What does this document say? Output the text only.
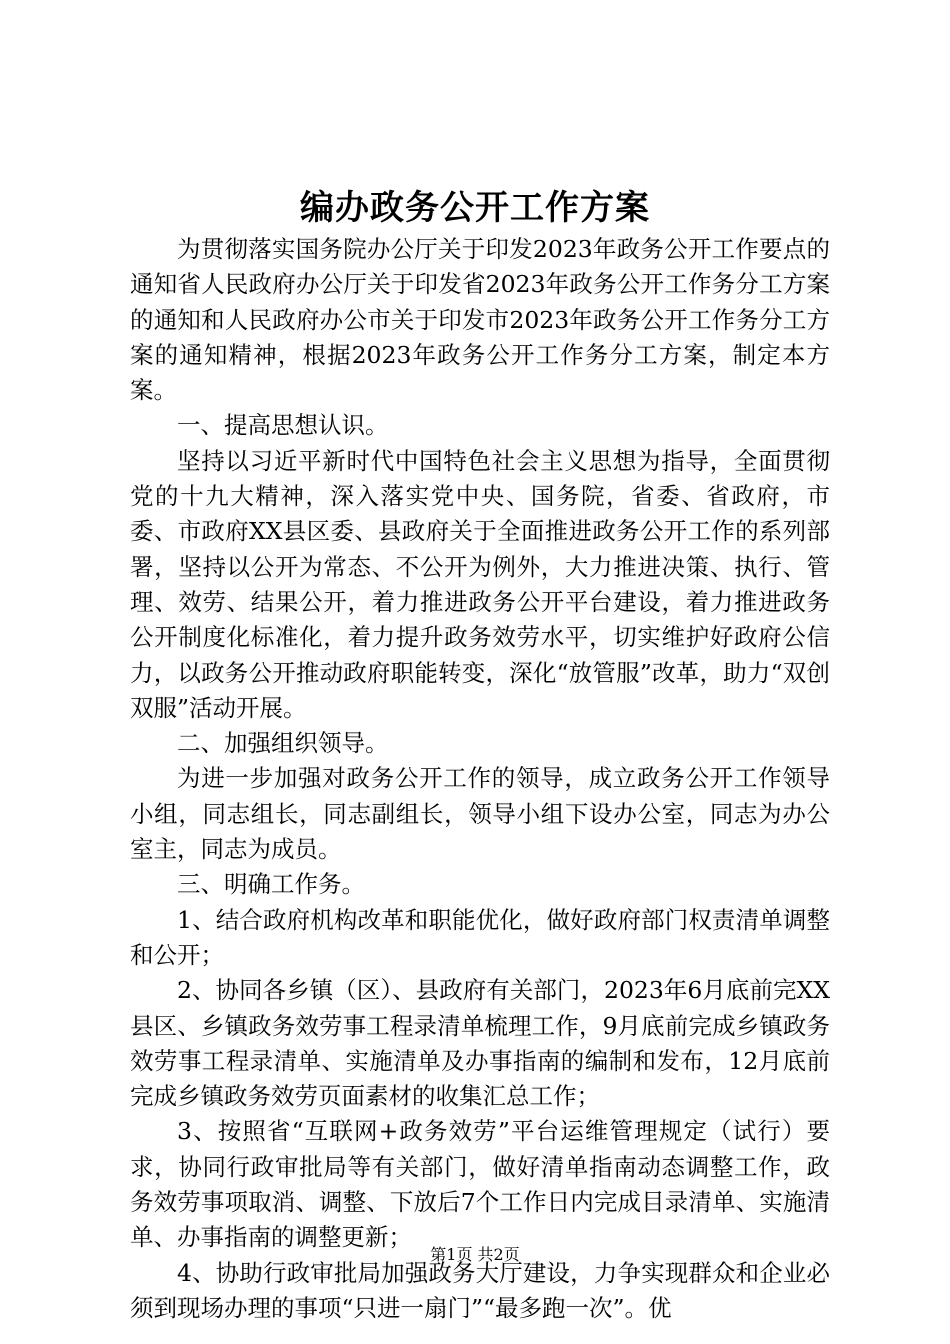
编办政务公开工作方案

为贯彻落实国务院办公厅关于印发2023年政务公开工作要点的通知省人民政府办公厅关于印发省2023年政务公开工作务分工方案的通知和人民政府办公市关于印发市2023年政务公开工作务分工方案的通知精神，根据2023年政务公开工作务分工方案，制定本方案。

一、提高思想认识。

坚持以习近平新时代中国特色社会主义思想为指导，全面贯彻党的十九大精神，深入落实党中央、国务院，省委、省政府，市委、市政府XX县区委、县政府关于全面推进政务公开工作的系列部署，坚持以公开为常态、不公开为例外，大力推进决策、执行、管理、效劳、结果公开，着力推进政务公开平台建设，着力推进政务公开制度化标准化，着力提升政务效劳水平，切实维护好政府公信力，以政务公开推动政府职能转变，深化“放管服”改革，助力“双创双服”活动开展。

二、加强组织领导。

为进一步加强对政务公开工作的领导，成立政务公开工作领导小组，同志组长，同志副组长，领导小组下设办公室，同志为办公室主，同志为成员。

三、明确工作务。

1、结合政府机构改革和职能优化，做好政府部门权责清单调整和公开；

2、协同各乡镇（区）、县政府有关部门，2023年6月底前完XX县区、乡镇政务效劳事工程录清单梳理工作，9月底前完成乡镇政务效劳事工程录清单、实施清单及办事指南的编制和发布，12月底前完成乡镇政务效劳页面素材的收集汇总工作；

3、按照省“互联网+政务效劳”平台运维管理规定（试行）要求，协同行政审批局等有关部门，做好清单指南动态调整工作，政务效劳事项取消、调整、下放后7个工作日内完成目录清单、实施清单、办事指南的调整更新；

4、协助行政审批局加强政务大厅建设，力争实现群众和企业必须到现场办理的事项“只进一扇门”“最多跑一次”。优

第1页 共2页
